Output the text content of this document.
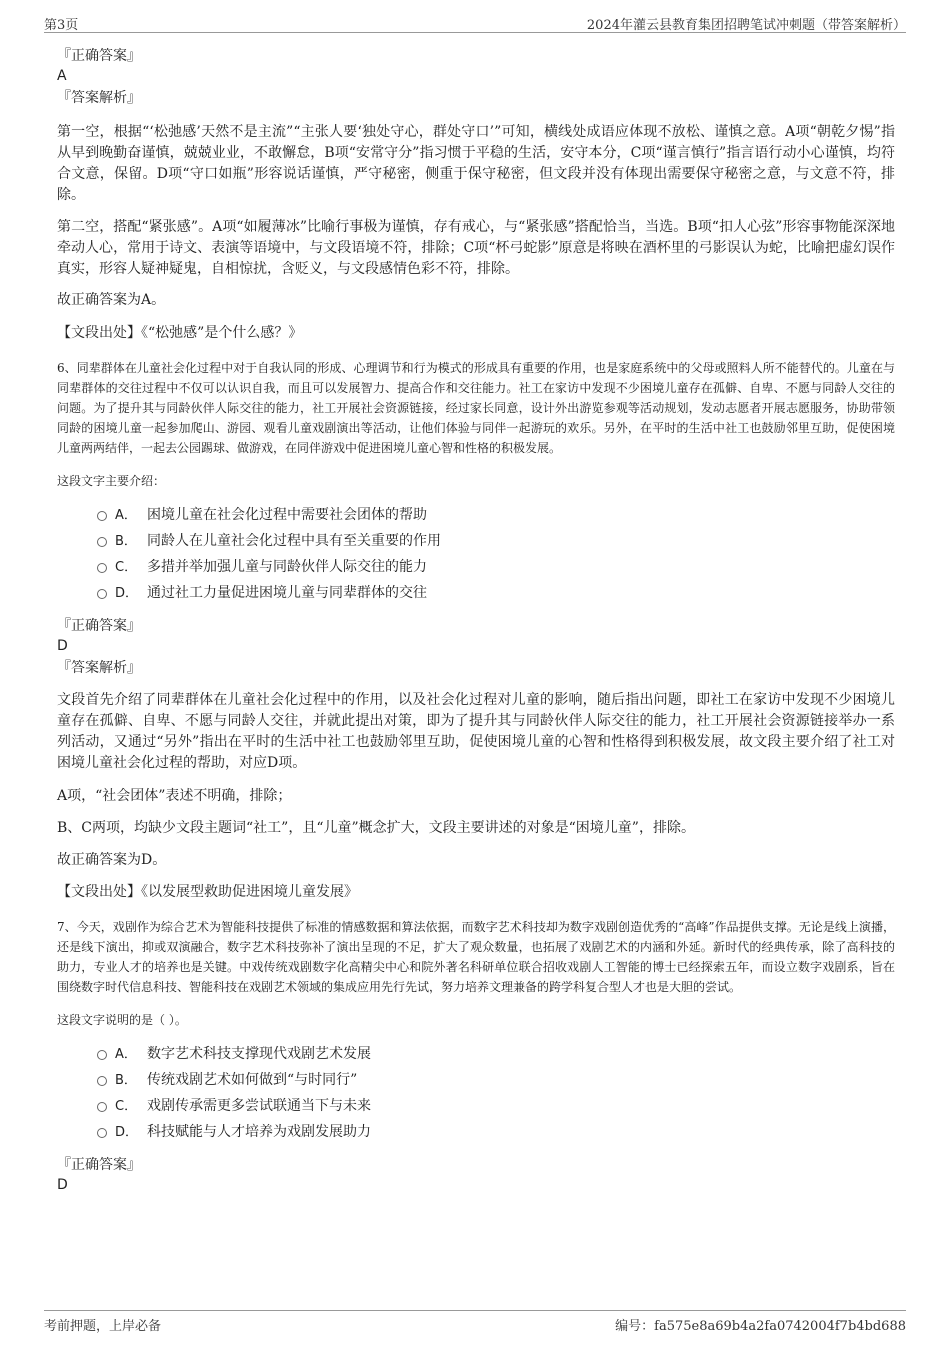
第3页	2024年灌云县教育集团招聘笔试冲刺题（带答案解析）

『正确答案』

A

『答案解析』

第一空，根据“‘松弛感’天然不是主流”“主张人要‘独处守心，群处守口’”可知，横线处成语应体现不放松、谨慎之意。A项“朝乾夕惕”指从早到晚勤奋谨慎，兢兢业业，不敢懈怠，B项“安常守分”指习惯于平稳的生活，安守本分，C项“谨言慎行”指言语行动小心谨慎，均符合文意，保留。D项“守口如瓶”形容说话谨慎，严守秘密，侧重于保守秘密，但文段并没有体现出需要保守秘密之意，与文意不符，排除。

第二空，搭配“紧张感”。A项“如履薄冰”比喻行事极为谨慎，存有戒心，与“紧张感”搭配恰当，当选。B项“扣人心弦”形容事物能深深地牵动人心，常用于诗文、表演等语境中，与文段语境不符，排除；C项“杯弓蛇影”原意是将映在酒杯里的弓影误认为蛇，比喻把虚幻误作真实，形容人疑神疑鬼，自相惊扰，含贬义，与文段感情色彩不符，排除。

故正确答案为A。

【文段出处】《“松弛感”是个什么感？》

6、同辈群体在儿童社会化过程中对于自我认同的形成、心理调节和行为模式的形成具有重要的作用，也是家庭系统中的父母或照料人所不能替代的。儿童在与同辈群体的交往过程中不仅可以认识自我，而且可以发展智力、提高合作和交往能力。社工在家访中发现不少困境儿童存在孤僻、自卑、不愿与同龄人交往的问题。为了提升其与同龄伙伴人际交往的能力，社工开展社会资源链接，经过家长同意，设计外出游览参观等活动规划，发动志愿者开展志愿服务，协助带领同龄的困境儿童一起参加爬山、游园、观看儿童戏剧演出等活动，让他们体验与同伴一起游玩的欢乐。另外，在平时的生活中社工也鼓励邻里互助，促使困境儿童两两结伴，一起去公园踢球、做游戏，在同伴游戏中促进困境儿童心智和性格的积极发展。

这段文字主要介绍：

A． 困境儿童在社会化过程中需要社会团体的帮助
B． 同龄人在儿童社会化过程中具有至关重要的作用
C． 多措并举加强儿童与同龄伙伴人际交往的能力
D． 通过社工力量促进困境儿童与同辈群体的交往

『正确答案』

D

『答案解析』

文段首先介绍了同辈群体在儿童社会化过程中的作用，以及社会化过程对儿童的影响，随后指出问题，即社工在家访中发现不少困境儿童存在孤僻、自卑、不愿与同龄人交往，并就此提出对策，即为了提升其与同龄伙伴人际交往的能力，社工开展社会资源链接举办一系列活动，又通过“另外”指出在平时的生活中社工也鼓励邻里互助，促使困境儿童的心智和性格得到积极发展，故文段主要介绍了社工对困境儿童社会化过程的帮助，对应D项。

A项，“社会团体”表述不明确，排除；

B、C两项，均缺少文段主题词“社工”，且“儿童”概念扩大，文段主要讲述的对象是“困境儿童”，排除。

故正确答案为D。

【文段出处】《以发展型救助促进困境儿童发展》

7、今天，戏剧作为综合艺术为智能科技提供了标准的情感数据和算法依据，而数字艺术科技却为数字戏剧创造优秀的“高峰”作品提供支撑。无论是线上演播，还是线下演出，抑或双演融合，数字艺术科技弥补了演出呈现的不足，扩大了观众数量，也拓展了戏剧艺术的内涵和外延。新时代的经典传承，除了高科技的助力，专业人才的培养也是关键。中戏传统戏剧数字化高精尖中心和院外著名科研单位联合招收戏剧人工智能的博士已经探索五年，而设立数字戏剧系，旨在围绕数字时代信息科技、智能科技在戏剧艺术领域的集成应用先行先试，努力培养文理兼备的跨学科复合型人才也是大胆的尝试。

这段文字说明的是（ ）。

A． 数字艺术科技支撑现代戏剧艺术发展
B． 传统戏剧艺术如何做到“与时同行”
C． 戏剧传承需更多尝试联通当下与未来
D． 科技赋能与人才培养为戏剧发展助力

『正确答案』

D

考前押题，上岸必备	编号：fa575e8a69b4a2fa0742004f7b4bd688
